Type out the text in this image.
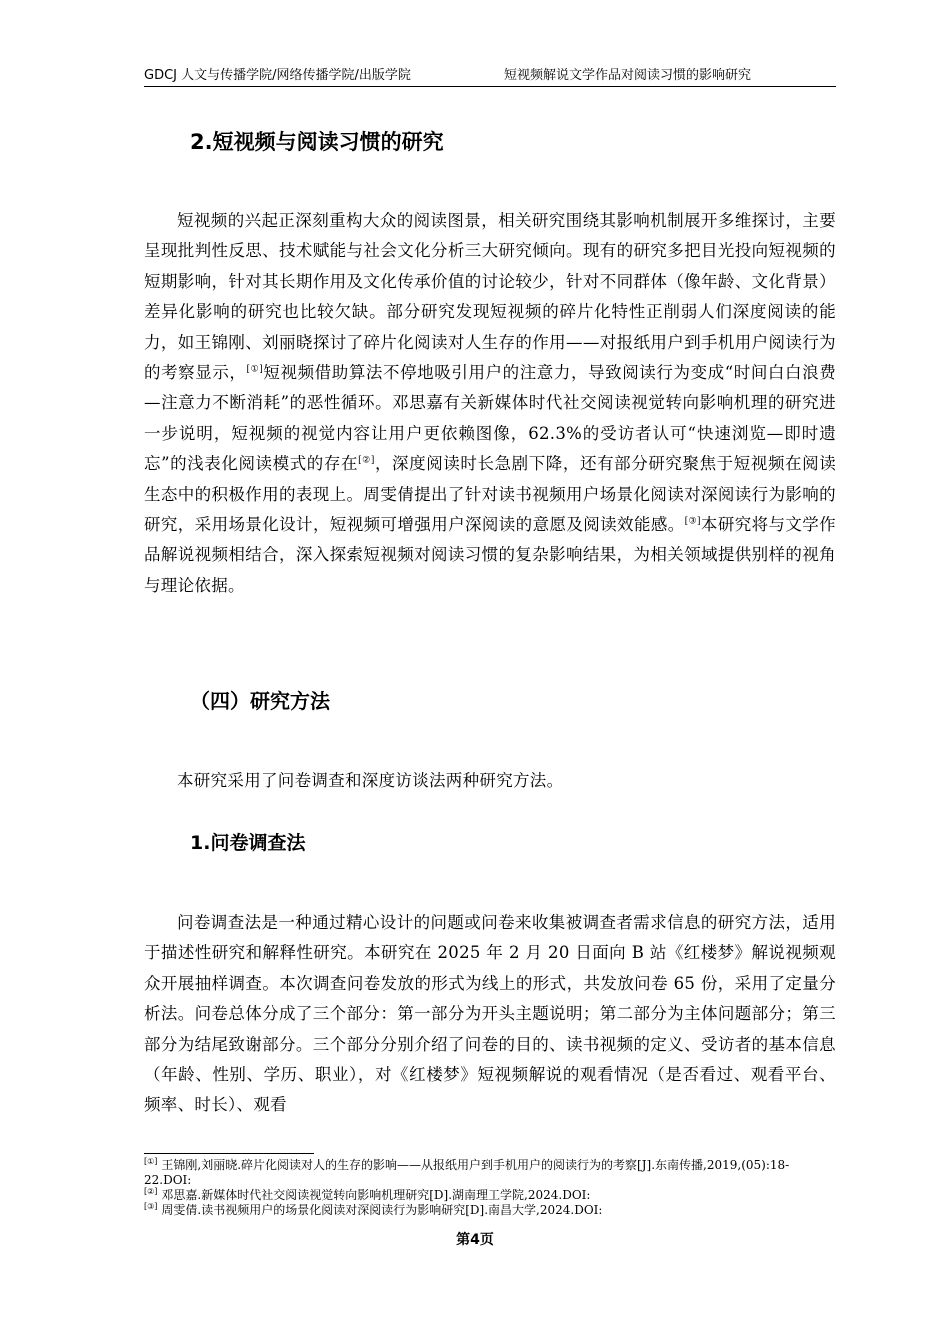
GDCJ 人文与传播学院/网络传播学院/出版学院	短视频解说文学作品对阅读习惯的影响研究
2.短视频与阅读习惯的研究
短视频的兴起正深刻重构大众的阅读图景，相关研究围绕其影响机制展开多维探讨，主要呈现批判性反思、技术赋能与社会文化分析三大研究倾向。现有的研究多把目光投向短视频的短期影响，针对其长期作用及文化传承价值的讨论较少，针对不同群体（像年龄、文化背景）差异化影响的研究也比较欠缺。部分研究发现短视频的碎片化特性正削弱人们深度阅读的能力，如王锦刚、刘丽晓探讨了碎片化阅读对人生存的作用——对报纸用户到手机用户阅读行为的考察显示，[①]短视频借助算法不停地吸引用户的注意力，导致阅读行为变成“时间白白浪费—注意力不断消耗”的恶性循环。邓思嘉有关新媒体时代社交阅读视觉转向影响机理的研究进一步说明，短视频的视觉内容让用户更依赖图像，62.3%的受访者认可“快速浏览—即时遗忘”的浅表化阅读模式的存在[②]，深度阅读时长急剧下降，还有部分研究聚焦于短视频在阅读生态中的积极作用的表现上。周雯倩提出了针对读书视频用户场景化阅读对深阅读行为影响的研究，采用场景化设计，短视频可增强用户深阅读的意愿及阅读效能感。[③]本研究将与文学作品解说视频相结合，深入探索短视频对阅读习惯的复杂影响结果，为相关领域提供别样的视角与理论依据。
（四）研究方法
本研究采用了问卷调查和深度访谈法两种研究方法。
1.问卷调查法
问卷调查法是一种通过精心设计的问题或问卷来收集被调查者需求信息的研究方法，适用于描述性研究和解释性研究。本研究在 2025 年 2 月 20 日面向 B 站《红楼梦》解说视频观众开展抽样调查。本次调查问卷发放的形式为线上的形式，共发放问卷 65 份，采用了定量分析法。问卷总体分成了三个部分：第一部分为开头主题说明；第二部分为主体问题部分；第三部分为结尾致谢部分。三个部分分别介绍了问卷的目的、读书视频的定义、受访者的基本信息（年龄、性别、学历、职业），对《红楼梦》短视频解说的观看情况（是否看过、观看平台、频率、时长）、观看
[①] 王锦刚,刘丽晓.碎片化阅读对人的生存的影响——从报纸用户到手机用户的阅读行为的考察[J].东南传播,2019,(05):18-22.DOI:
[②] 邓思嘉.新媒体时代社交阅读视觉转向影响机理研究[D].湖南理工学院,2024.DOI:
[③] 周雯倩.读书视频用户的场景化阅读对深阅读行为影响研究[D].南昌大学,2024.DOI:
第4页
